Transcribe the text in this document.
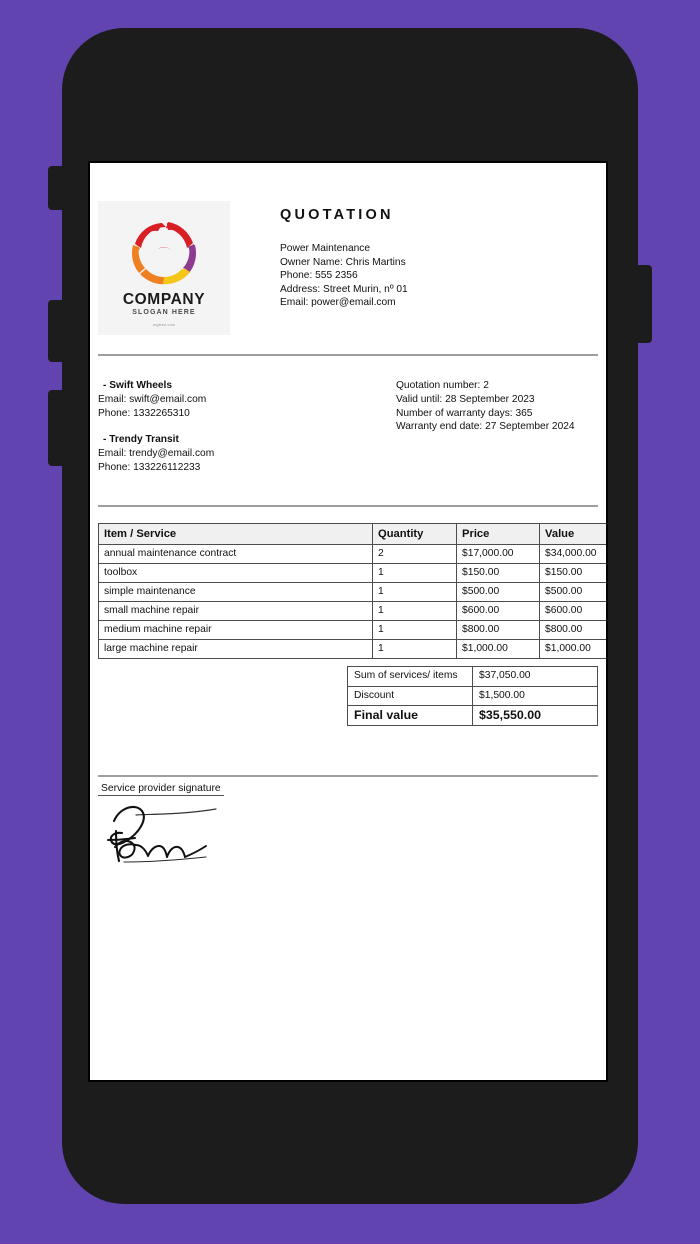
COMPANY
SLOGAN HERE
orgfree.com
QUOTATION
Power Maintenance
Owner Name: Chris Martins
Phone: 555 2356
Address: Street Murin, nº 01
Email: power@email.com
- Swift Wheels
Email: swift@email.com
Phone: 1332265310
- Trendy Transit
Email: trendy@email.com
Phone: 133226112233
Quotation number: 2
Valid until: 28 September 2023
Number of warranty days: 365
Warranty end date: 27 September 2024
Item / Service	Quantity	Price	Value
annual maintenance contract	2	$17,000.00	$34,000.00
toolbox	1	$150.00	$150.00
simple maintenance	1	$500.00	$500.00
small machine repair	1	$600.00	$600.00
medium machine repair	1	$800.00	$800.00
large machine repair	1	$1,000.00	$1,000.00
Sum of services/ items	$37,050.00
Discount	$1,500.00
Final value	$35,550.00
Service provider signature
